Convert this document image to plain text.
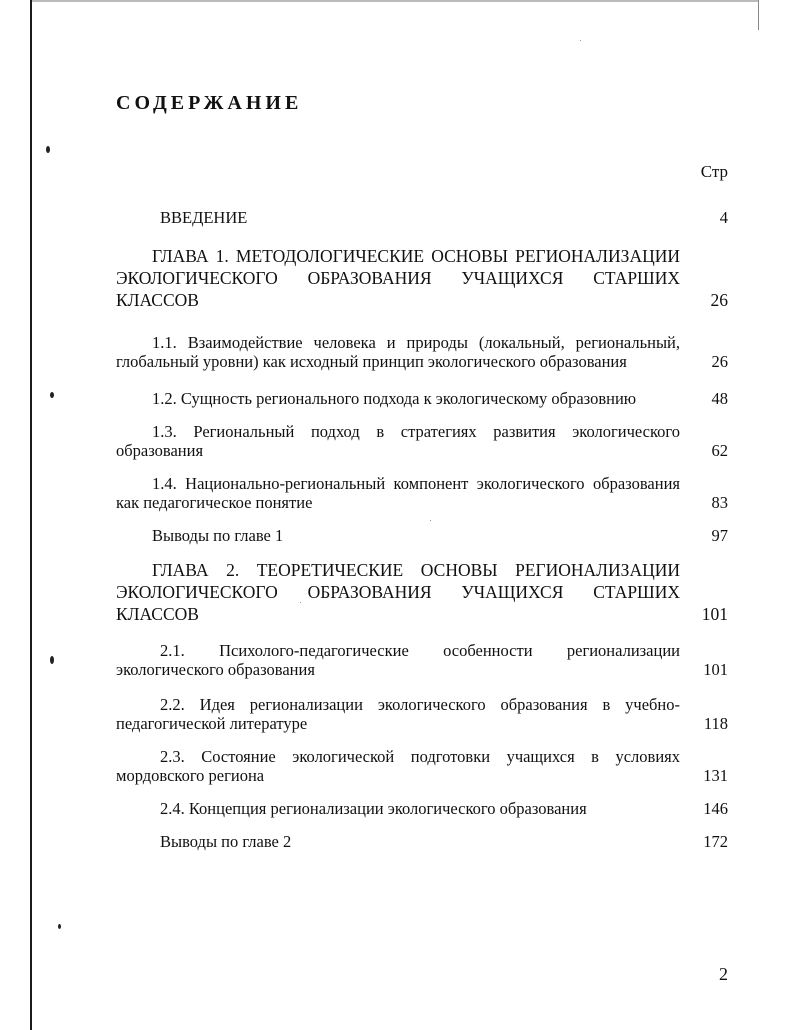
СОДЕРЖАНИЕ
Стр
ВВЕДЕНИЕ	4
ГЛАВА 1. МЕТОДОЛОГИЧЕСКИЕ ОСНОВЫ РЕГИОНАЛИЗАЦИИ ЭКОЛОГИЧЕСКОГО ОБРАЗОВАНИЯ УЧАЩИХСЯ СТАРШИХ КЛАССОВ	26
1.1. Взаимодействие человека и природы (локальный, региональный, глобальный уровни) как исходный принцип экологического образования	26
1.2. Сущность регионального подхода к экологическому образовнию	48
1.3. Региональный подход в стратегиях развития экологического образования	62
1.4. Национально-региональный компонент экологического образования как педагогическое понятие	83
Выводы по главе 1	97
ГЛАВА 2. ТЕОРЕТИЧЕСКИЕ ОСНОВЫ РЕГИОНАЛИЗАЦИИ ЭКОЛОГИЧЕСКОГО ОБРАЗОВАНИЯ УЧАЩИХСЯ СТАРШИХ КЛАССОВ	101
2.1. Психолого-педагогические особенности регионализации экологического образования	101
2.2. Идея регионализации экологического образования в учебно-педагогической литературе	118
2.3. Состояние экологической подготовки учащихся в условиях мордовского региона	131
2.4. Концепция регионализации экологического образования	146
Выводы по главе 2	172
2
